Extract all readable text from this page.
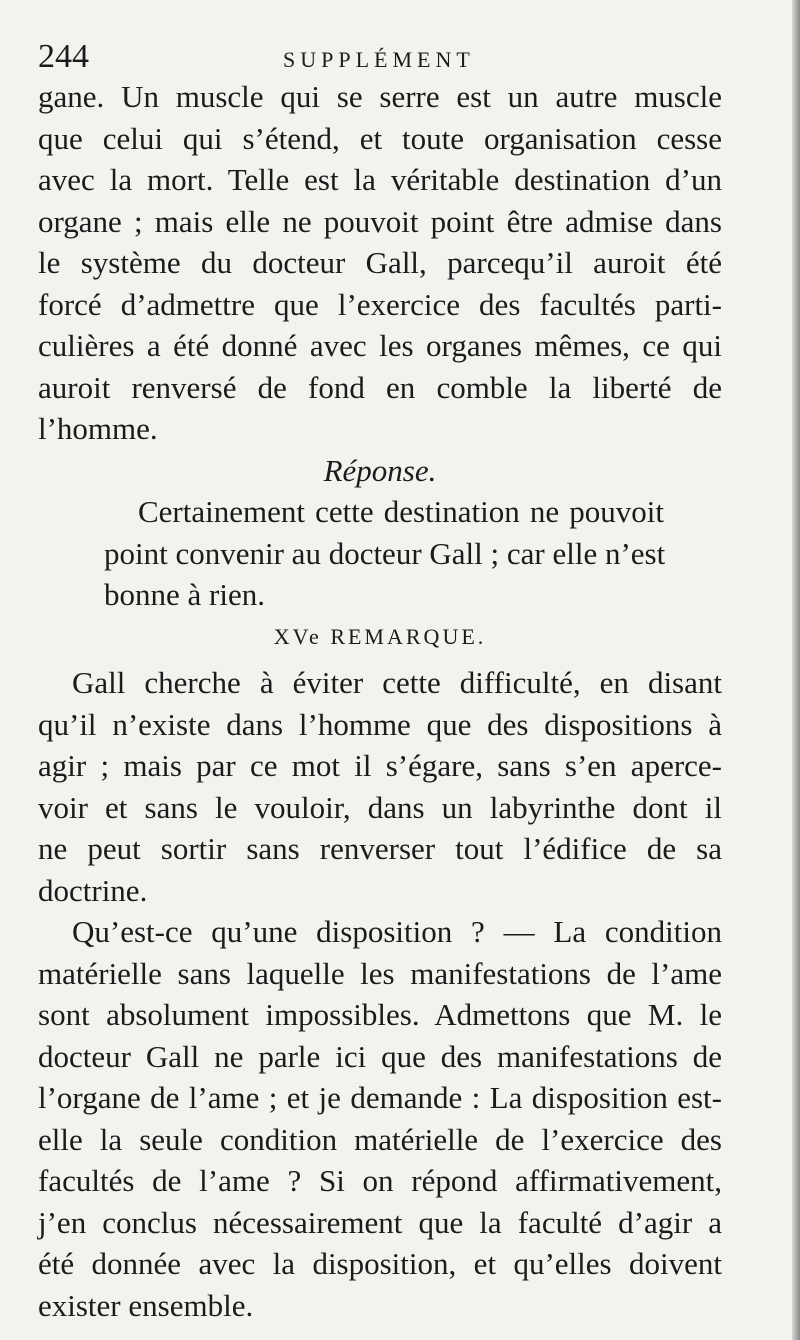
244	SUPPLÉMENT
gane. Un muscle qui se serre est un autre muscle
que celui qui s’étend, et toute organisation cesse
avec la mort. Telle est la véritable destination d’un
organe ; mais elle ne pouvoit point être admise dans
le système du docteur Gall, parcequ’il auroit été
forcé d’admettre que l’exercice des facultés parti-
culières a été donné avec les organes mêmes, ce qui
auroit renversé de fond en comble la liberté de
l’homme.
Réponse.
Certainement cette destination ne pouvoit
point convenir au docteur Gall ; car elle n’est
bonne à rien.
XVe REMARQUE.
Gall cherche à éviter cette difficulté, en disant
qu’il n’existe dans l’homme que des dispositions à
agir ; mais par ce mot il s’égare, sans s’en aperce-
voir et sans le vouloir, dans un labyrinthe dont il
ne peut sortir sans renverser tout l’édifice de sa
doctrine.
Qu’est-ce qu’une disposition ? — La condition
matérielle sans laquelle les manifestations de l’ame
sont absolument impossibles. Admettons que M. le
docteur Gall ne parle ici que des manifestations de
l’organe de l’ame ; et je demande : La disposition est-
elle la seule condition matérielle de l’exercice des
facultés de l’ame ? Si on répond affirmativement,
j’en conclus nécessairement que la faculté d’agir a
été donnée avec la disposition, et qu’elles doivent
exister ensemble.
